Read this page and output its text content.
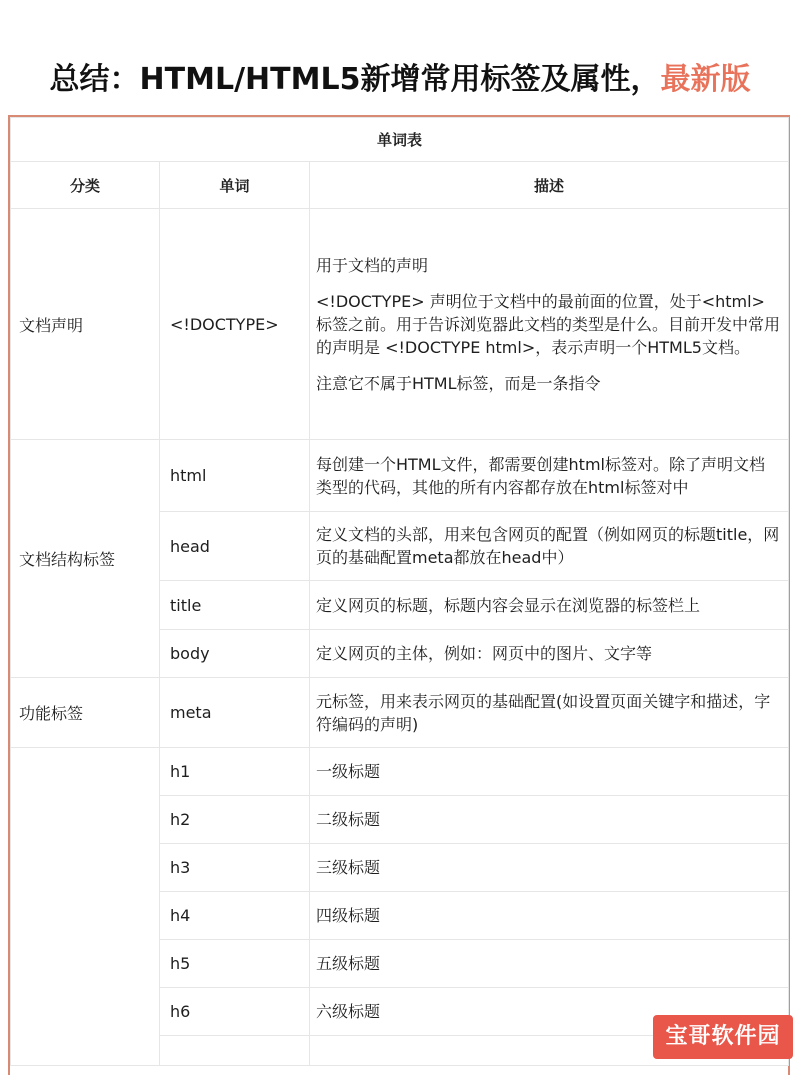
总结：HTML/HTML5新增常用标签及属性，最新版
单词表		
分类	单词	描述
文档声明	<!DOCTYPE>	用于文档的声明

<!DOCTYPE> 声明位于文档中的最前面的位置，处于<html> 标签之前。用于告诉浏览器此文档的类型是什么。目前开发中常用的声明是 <!DOCTYPE html>，表示声明一个HTML5文档。

注意它不属于HTML标签，而是一条指令

文档结构标签	html	每创建一个HTML文件，都需要创建html标签对。除了声明文档类型的代码，其他的所有内容都存放在html标签对中
	head	定义文档的头部，用来包含网页的配置（例如网页的标题title，网页的基础配置meta都放在head中）
	title	定义网页的标题，标题内容会显示在浏览器的标签栏上
	body	定义网页的主体，例如：网页中的图片、文字等
功能标签	meta	元标签，用来表示网页的基础配置(如设置页面关键字和描述，字符编码的声明)
	h1	一级标题
	h2	二级标题
	h3	三级标题
	h4	四级标题
	h5	五级标题
	h6	六级标题

宝哥软件园
